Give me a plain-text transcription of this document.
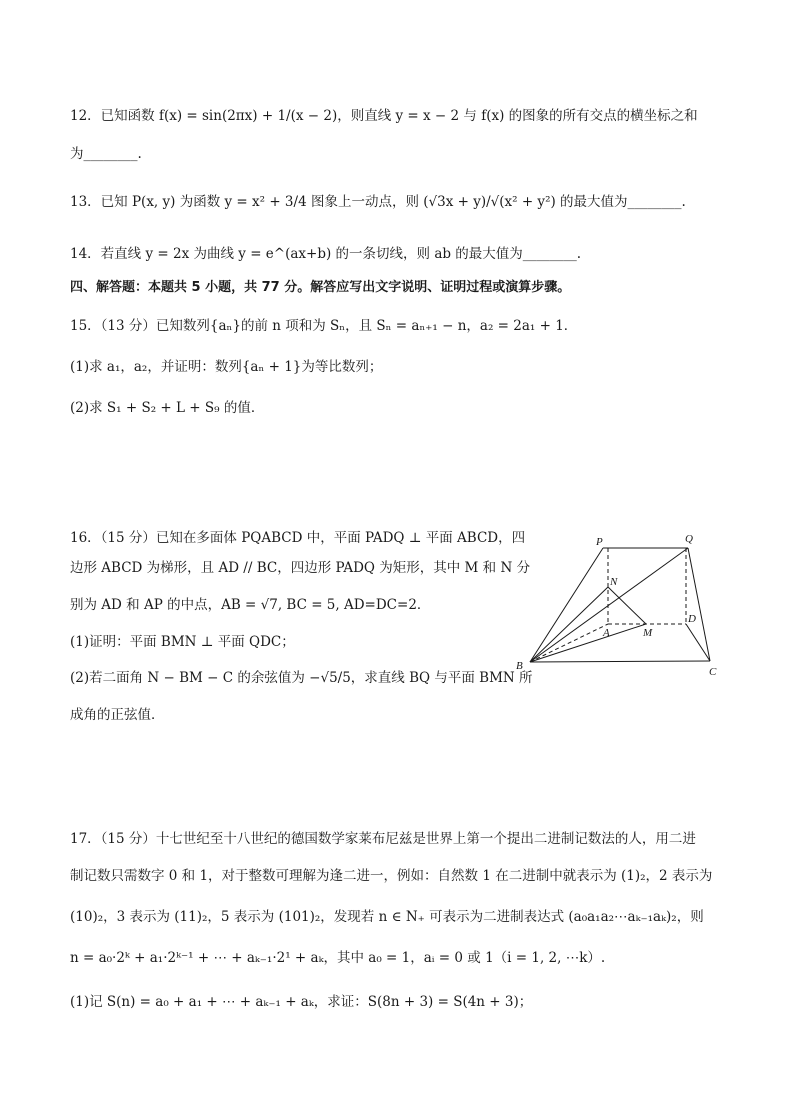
12．已知函数 f(x) = sin(2πx) + 1/(x − 2)，则直线 y = x − 2 与 f(x) 的图象的所有交点的横坐标之和
为________.
13．已知 P(x, y) 为函数 y = x² + 3/4 图象上一动点，则 (√3x + y)/√(x² + y²) 的最大值为________.
14．若直线 y = 2x 为曲线 y = e^(ax+b) 的一条切线，则 ab 的最大值为________.
四、解答题：本题共 5 小题，共 77 分。解答应写出文字说明、证明过程或演算步骤。
15．（13 分）已知数列{aₙ}的前 n 项和为 Sₙ，且 Sₙ = aₙ₊₁ − n，a₂ = 2a₁ + 1．
(1)求 a₁，a₂，并证明：数列{aₙ + 1}为等比数列；
(2)求 S₁ + S₂ + L + S₉ 的值．
16．（15 分）已知在多面体 PQABCD 中，平面 PADQ ⊥ 平面 ABCD，四
边形 ABCD 为梯形，且 AD // BC，四边形 PADQ 为矩形，其中 M 和 N 分
别为 AD 和 AP 的中点，AB = √7, BC = 5, AD=DC=2．
(1)证明：平面 BMN ⊥ 平面 QDC；
(2)若二面角 N − BM − C 的余弦值为 −√5/5，求直线 BQ 与平面 BMN 所
成角的正弦值．
P	Q
N
A	M
D
B	C
17．（15 分）十七世纪至十八世纪的德国数学家莱布尼兹是世界上第一个提出二进制记数法的人，用二进
制记数只需数字 0 和 1，对于整数可理解为逢二进一，例如：自然数 1 在二进制中就表示为 (1)₂，2 表示为
(10)₂，3 表示为 (11)₂，5 表示为 (101)₂，发现若 n ∈ N₊ 可表示为二进制表达式 (a₀a₁a₂⋯aₖ₋₁aₖ)₂，则
n = a₀·2ᵏ + a₁·2ᵏ⁻¹ + ⋯ + aₖ₋₁·2¹ + aₖ，其中 a₀ = 1，aᵢ = 0 或 1（i = 1, 2, ⋯k）.
(1)记 S(n) = a₀ + a₁ + ⋯ + aₖ₋₁ + aₖ，求证：S(8n + 3) = S(4n + 3)；
